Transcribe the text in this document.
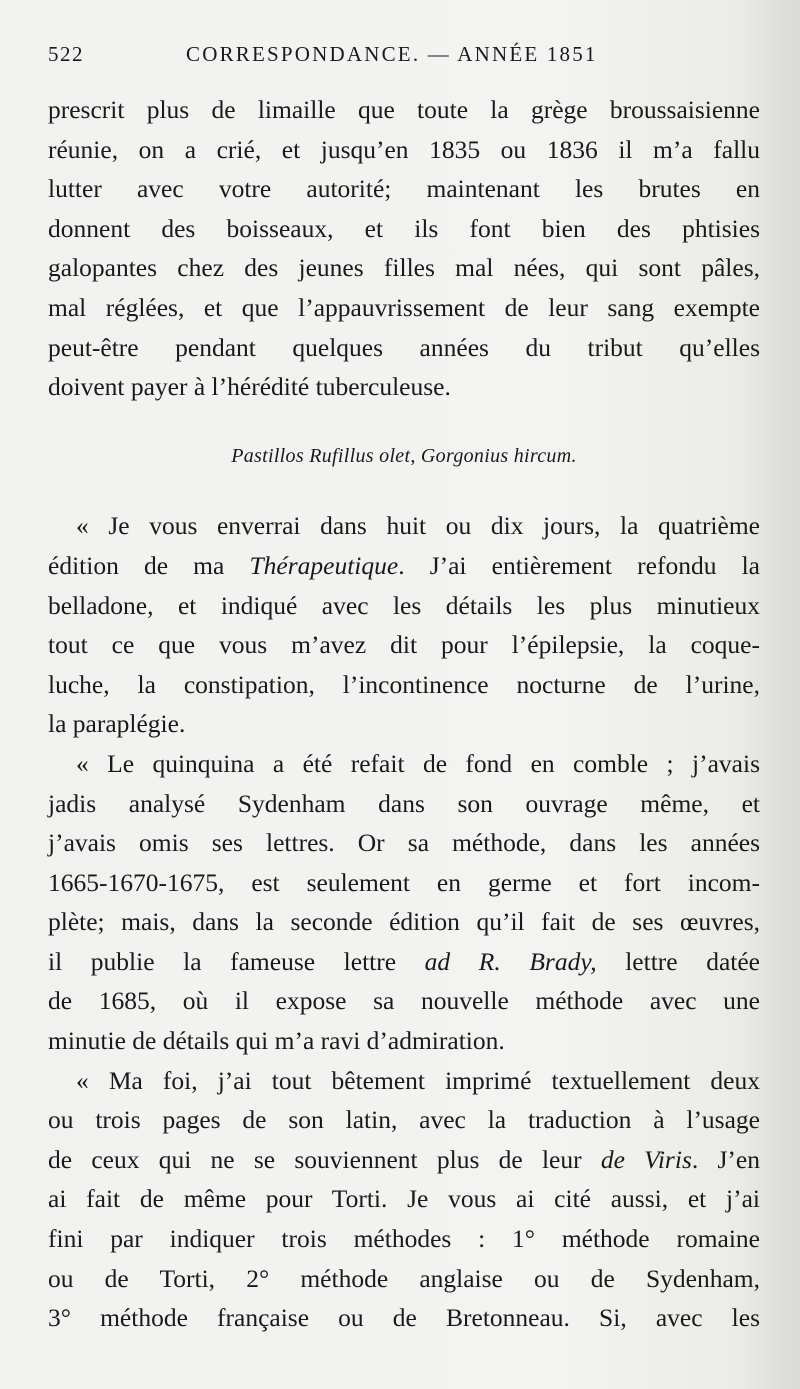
522	CORRESPONDANCE. — ANNÉE 1851
prescrit plus de limaille que toute la grège broussaisienne
réunie, on a crié, et jusqu’en 1835 ou 1836 il m’a fallu
lutter avec votre autorité; maintenant les brutes en
donnent des boisseaux, et ils font bien des phtisies
galopantes chez des jeunes filles mal nées, qui sont pâles,
mal réglées, et que l’appauvrissement de leur sang exempte
peut-être pendant quelques années du tribut qu’elles
doivent payer à l’hérédité tuberculeuse.

Pastillos Rufillus olet, Gorgonius hircum.

« Je vous enverrai dans huit ou dix jours, la quatrième
édition de ma Thérapeutique. J’ai entièrement refondu la
belladone, et indiqué avec les détails les plus minutieux
tout ce que vous m’avez dit pour l’épilepsie, la coque-
luche, la constipation, l’incontinence nocturne de l’urine,
la paraplégie.
« Le quinquina a été refait de fond en comble ; j’avais
jadis analysé Sydenham dans son ouvrage même, et
j’avais omis ses lettres. Or sa méthode, dans les années
1665-1670-1675, est seulement en germe et fort incom-
plète; mais, dans la seconde édition qu’il fait de ses œuvres,
il publie la fameuse lettre ad R. Brady, lettre datée
de 1685, où il expose sa nouvelle méthode avec une
minutie de détails qui m’a ravi d’admiration.
« Ma foi, j’ai tout bêtement imprimé textuellement deux
ou trois pages de son latin, avec la traduction à l’usage
de ceux qui ne se souviennent plus de leur de Viris. J’en
ai fait de même pour Torti. Je vous ai cité aussi, et j’ai
fini par indiquer trois méthodes : 1° méthode romaine
ou de Torti, 2° méthode anglaise ou de Sydenham,
3° méthode française ou de Bretonneau. Si, avec les
